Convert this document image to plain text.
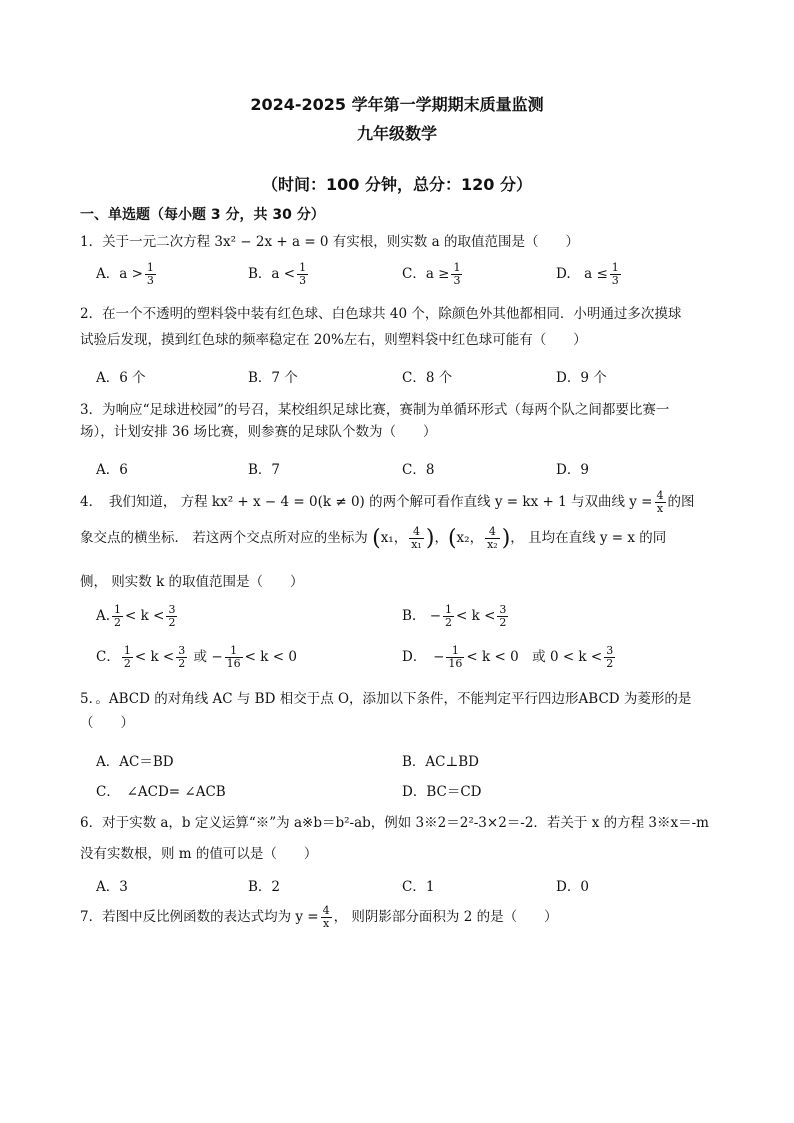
2024-2025 学年第一学期期末质量监测
九年级数学
（时间：100 分钟，总分：120 分）
一、单选题（每小题 3 分，共 30 分）
1．关于一元二次方程 3x² − 2x + a = 0 有实根，则实数 a 的取值范围是（　　）
A．$a > \frac{1}{3}$	B．$a < \frac{1}{3}$	C．$a \ge \frac{1}{3}$	D.　$a \le \frac{1}{3}$
2．在一个不透明的塑料袋中装有红色球、白色球共 40 个，除颜色外其他都相同．小明通过多次摸球
试验后发现，摸到红色球的频率稳定在 20%左右，则塑料袋中红色球可能有（　　）
A．6 个	B．7 个	C．8 个	D．9 个
3．为响应“足球进校园”的号召，某校组织足球比赛，赛制为单循环形式（每两个队之间都要比赛一
场），计划安排 36 场比赛，则参赛的足球队个数为（　　）
A．6	B．7	C．8	D．9
4．　我们知道， 方程 kx² + x − 4 = 0(k ≠ 0) 的两个解可看作直线 y = kx + 1 与双曲线 $y = \frac{4}{x}$ 的图
象交点的横坐标． 若这两个交点所对应的坐标为 (x₁， $\frac{4}{\text{x₁}}$ )，(x₂， $\frac{4}{\text{x₂}}$ )， 且均在直线 y = x 的同
侧， 则实数 k 的取值范围是（　　）
A. $\frac{1}{2} < k < \frac{3}{2}$	B.　− $\frac{1}{2} < k < \frac{3}{2}$
C． $\frac{1}{2} < k < \frac{3}{2}$ 或 − $\frac{1}{16} < k < 0$	D．　− $\frac{1}{16} < k < 0$　或 $0 < k < \frac{3}{2}$
5．。ABCD 的对角线 AC 与 BD 相交于点 O，添加以下条件，不能判定平行四边形ABCD 为菱形的是
（　　）
A．AC＝BD	B．AC⊥BD
C．　∠ACD= ∠ACB	D．BC＝CD
6．对于实数 a，b 定义运算“※”为 a※b＝b²-ab，例如 3※2＝2²-3×2＝-2．若关于 x 的方程 3※x＝-m
没有实数根，则 m 的值可以是（　　）
A．3	B．2	C．1	D．0
7．若图中反比例函数的表达式均为 $y = \frac{4}{x}$ ， 则阴影部分面积为 2 的是（　　）
